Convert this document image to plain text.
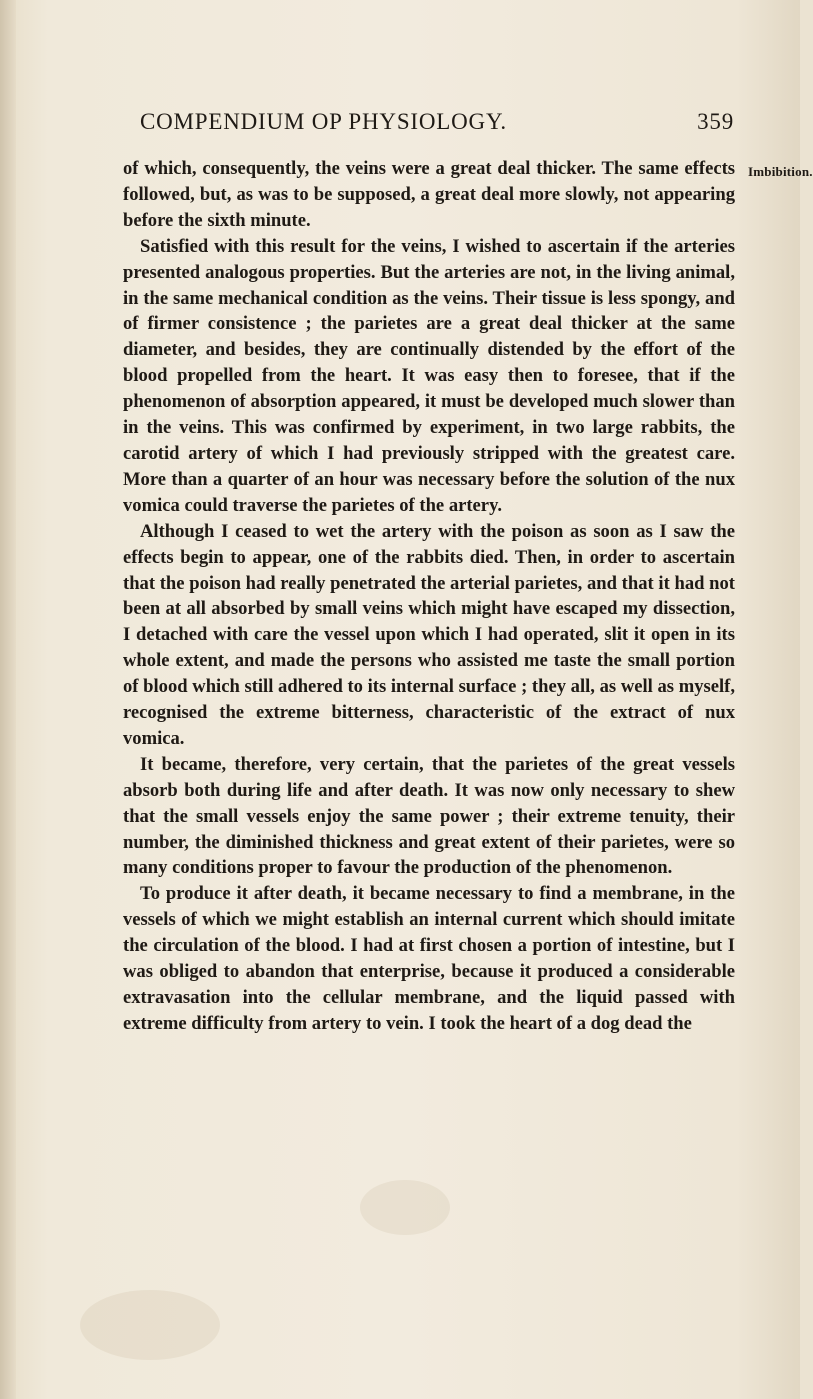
COMPENDIUM OP PHYSIOLOGY.	359
Imbibition.

of which, consequently, the veins were a great deal thicker. The same effects followed, but, as was to be supposed, a great deal more slowly, not appearing before the sixth minute.

Satisfied with this result for the veins, I wished to ascertain if the arteries presented analogous properties. But the arteries are not, in the living animal, in the same mechanical condition as the veins. Their tissue is less spongy, and of firmer consistence ; the parietes are a great deal thicker at the same diameter, and besides, they are continually distended by the effort of the blood propelled from the heart. It was easy then to foresee, that if the phenomenon of absorption appeared, it must be developed much slower than in the veins. This was confirmed by experiment, in two large rabbits, the carotid artery of which I had previously stripped with the greatest care. More than a quarter of an hour was necessary before the solution of the nux vomica could traverse the parietes of the artery.

Although I ceased to wet the artery with the poison as soon as I saw the effects begin to appear, one of the rabbits died. Then, in order to ascertain that the poison had really penetrated the arterial parietes, and that it had not been at all absorbed by small veins which might have escaped my dissection, I detached with care the vessel upon which I had operated, slit it open in its whole extent, and made the persons who assisted me taste the small portion of blood which still adhered to its internal surface ; they all, as well as myself, recognised the extreme bitterness, characteristic of the extract of nux vomica.

It became, therefore, very certain, that the parietes of the great vessels absorb both during life and after death. It was now only necessary to shew that the small vessels enjoy the same power ; their extreme tenuity, their number, the diminished thickness and great extent of their parietes, were so many conditions proper to favour the production of the phenomenon.

To produce it after death, it became necessary to find a membrane, in the vessels of which we might establish an internal current which should imitate the circulation of the blood. I had at first chosen a portion of intestine, but I was obliged to abandon that enterprise, because it produced a considerable extravasation into the cellular membrane, and the liquid passed with extreme difficulty from artery to vein. I took the heart of a dog dead the
